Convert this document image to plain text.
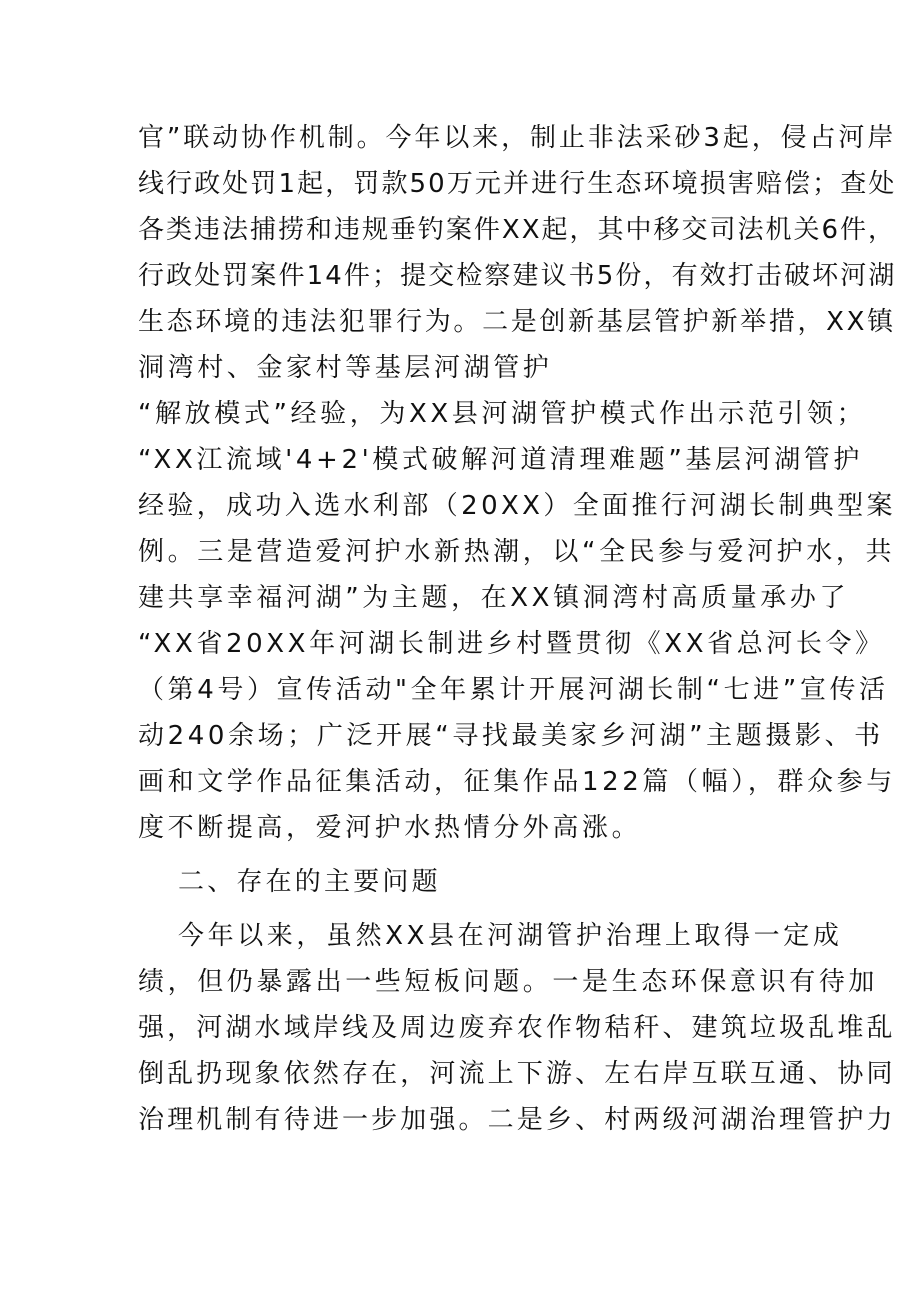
官”联动协作机制。今年以来，制止非法采砂3起，侵占河岸
线行政处罚1起，罚款50万元并进行生态环境损害赔偿；查处
各类违法捕捞和违规垂钓案件XX起，其中移交司法机关6件，
行政处罚案件14件；提交检察建议书5份，有效打击破坏河湖
生态环境的违法犯罪行为。二是创新基层管护新举措，XX镇
洞湾村、金家村等基层河湖管护
“解放模式”经验，为XX县河湖管护模式作出示范引领；
“XX江流域'4+2'模式破解河道清理难题”基层河湖管护
经验，成功入选水利部（20XX）全面推行河湖长制典型案
例。三是营造爱河护水新热潮，以“全民参与爱河护水，共
建共享幸福河湖”为主题，在XX镇洞湾村高质量承办了
“XX省20XX年河湖长制进乡村暨贯彻《XX省总河长令》
（第4号）宣传活动"全年累计开展河湖长制“七进”宣传活
动240余场；广泛开展“寻找最美家乡河湖”主题摄影、书
画和文学作品征集活动，征集作品122篇（幅），群众参与
度不断提高，爱河护水热情分外高涨。
二、存在的主要问题
今年以来，虽然XX县在河湖管护治理上取得一定成
绩，但仍暴露出一些短板问题。一是生态环保意识有待加
强，河湖水域岸线及周边废弃农作物秸秆、建筑垃圾乱堆乱
倒乱扔现象依然存在，河流上下游、左右岸互联互通、协同
治理机制有待进一步加强。二是乡、村两级河湖治理管护力
